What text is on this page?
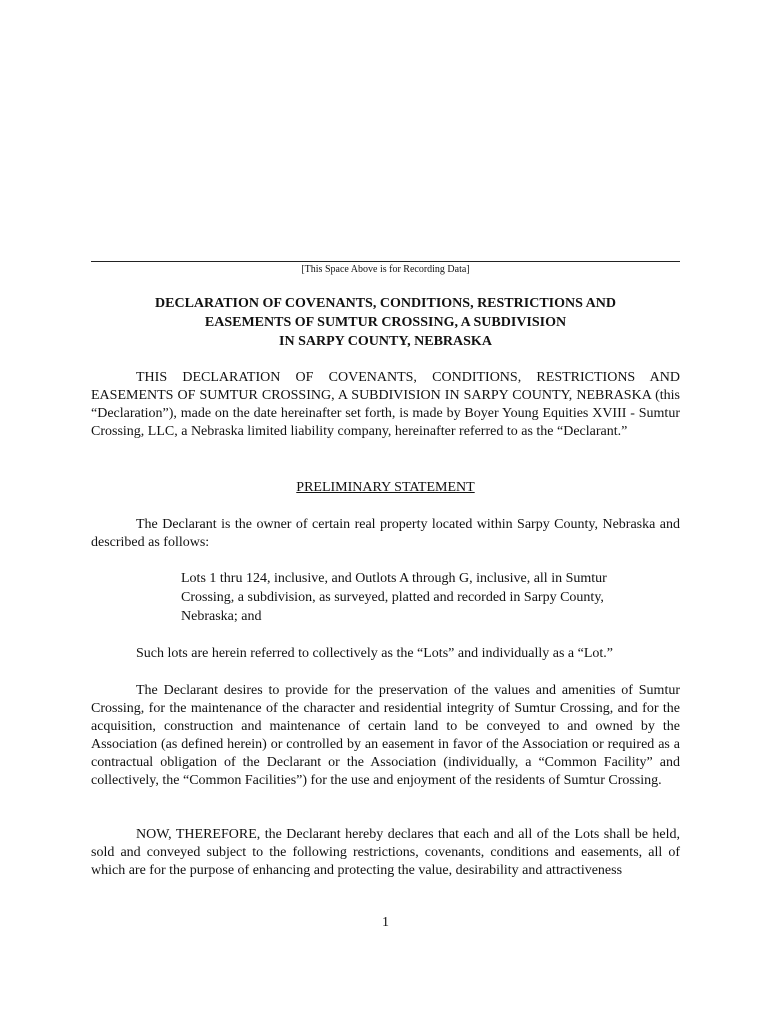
[This Space Above is for Recording Data]
DECLARATION OF COVENANTS, CONDITIONS, RESTRICTIONS AND
EASEMENTS OF SUMTUR CROSSING, A SUBDIVISION
IN SARPY COUNTY, NEBRASKA
THIS DECLARATION OF COVENANTS, CONDITIONS, RESTRICTIONS AND EASEMENTS OF SUMTUR CROSSING, A SUBDIVISION IN SARPY COUNTY, NEBRASKA (this “Declaration”), made on the date hereinafter set forth, is made by Boyer Young Equities XVIII - Sumtur Crossing, LLC, a Nebraska limited liability company, hereinafter referred to as the “Declarant.”
PRELIMINARY STATEMENT
The Declarant is the owner of certain real property located within Sarpy County, Nebraska and described as follows:
Lots 1 thru 124, inclusive, and Outlots A through G, inclusive, all in Sumtur Crossing, a subdivision, as surveyed, platted and recorded in Sarpy County, Nebraska; and
Such lots are herein referred to collectively as the “Lots” and individually as a “Lot.”
The Declarant desires to provide for the preservation of the values and amenities of Sumtur Crossing, for the maintenance of the character and residential integrity of Sumtur Crossing, and for the acquisition, construction and maintenance of certain land to be conveyed to and owned by the Association (as defined herein) or controlled by an easement in favor of the Association or required as a contractual obligation of the Declarant or the Association (individually, a “Common Facility” and collectively, the “Common Facilities”) for the use and enjoyment of the residents of Sumtur Crossing.
NOW, THEREFORE, the Declarant hereby declares that each and all of the Lots shall be held, sold and conveyed subject to the following restrictions, covenants, conditions and easements, all of which are for the purpose of enhancing and protecting the value, desirability and attractiveness
1
